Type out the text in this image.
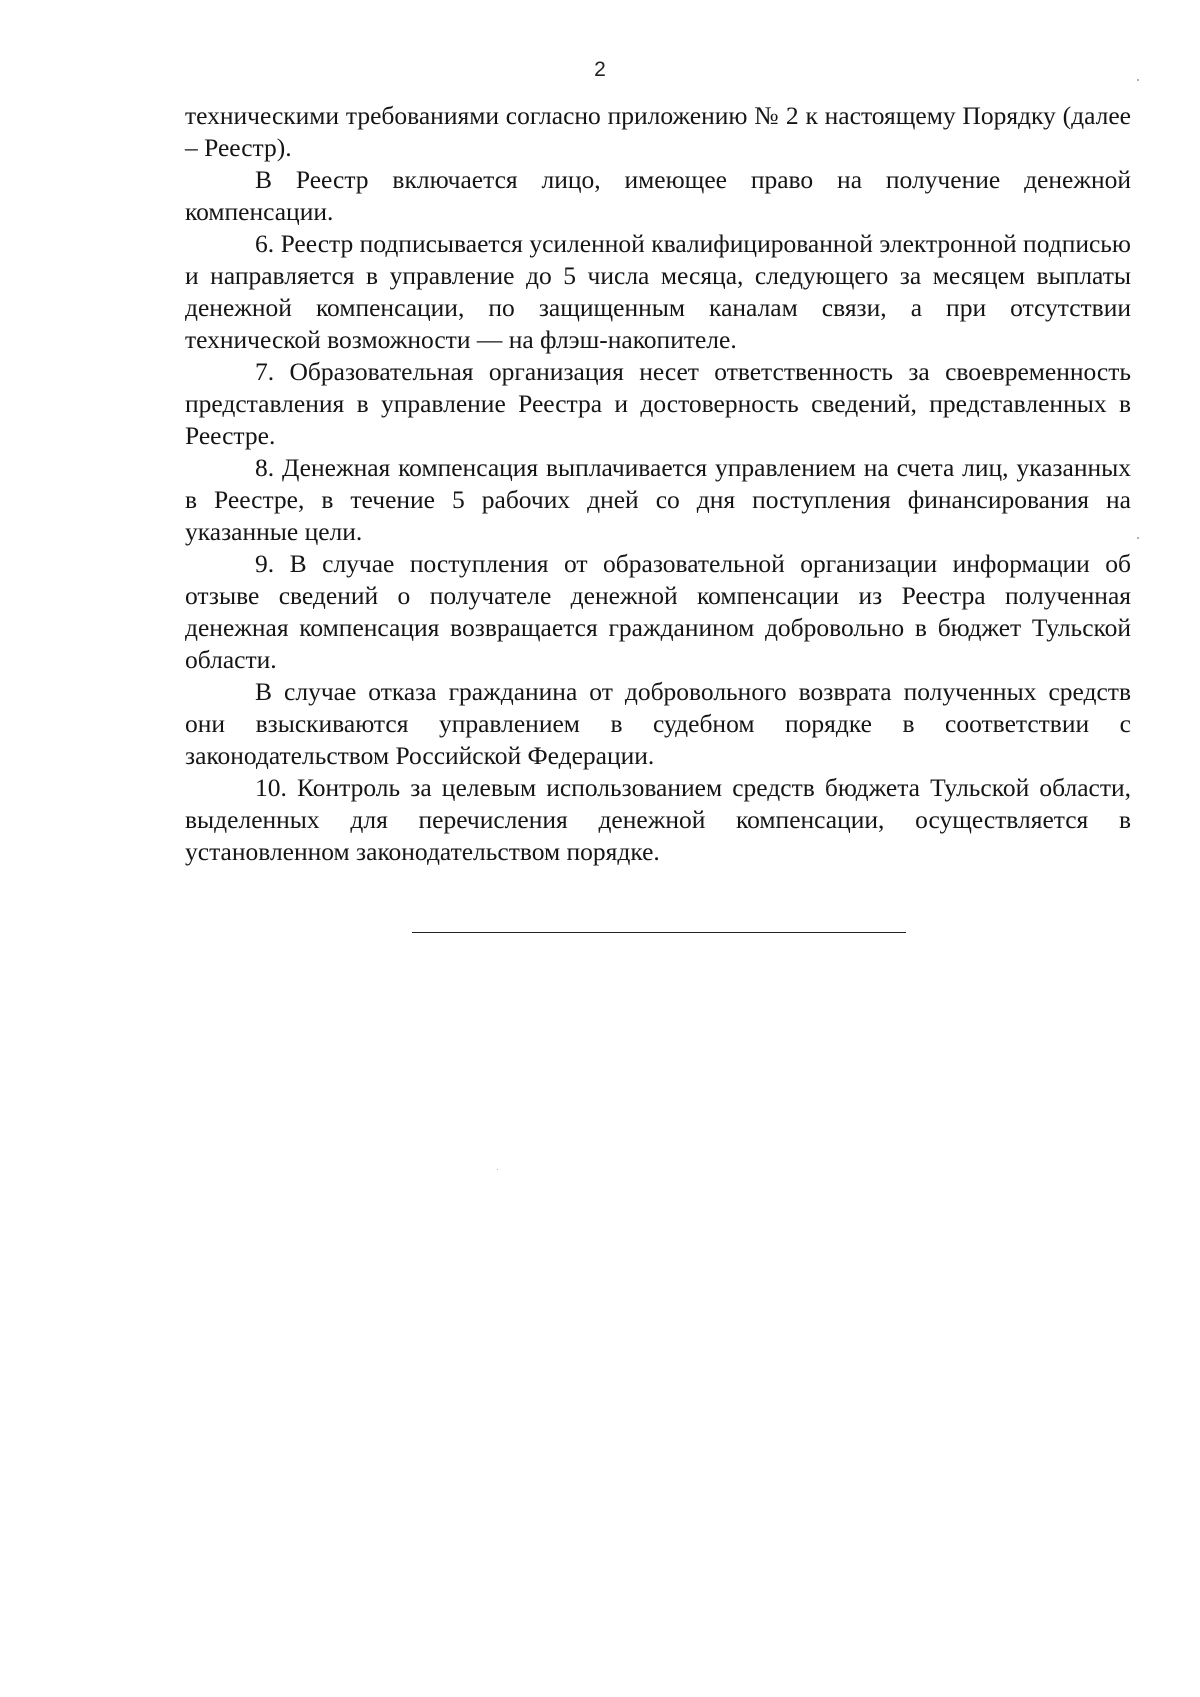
2

техническими требованиями согласно приложению № 2 к настоящему Порядку (далее – Реестр).

В Реестр включается лицо, имеющее право на получение денежной компенсации.

6. Реестр подписывается усиленной квалифицированной электронной подписью и направляется в управление до 5 числа месяца, следующего за месяцем выплаты денежной компенсации, по защищенным каналам связи, а при отсутствии технической возможности — на флэш-накопителе.

7. Образовательная организация несет ответственность за своевременность представления в управление Реестра и достоверность сведений, представленных в Реестре.

8. Денежная компенсация выплачивается управлением на счета лиц, указанных в Реестре, в течение 5 рабочих дней со дня поступления финансирования на указанные цели.

9. В случае поступления от образовательной организации информации об отзыве сведений о получателе денежной компенсации из Реестра полученная денежная компенсация возвращается гражданином добровольно в бюджет Тульской области.

В случае отказа гражданина от добровольного возврата полученных средств они взыскиваются управлением в судебном порядке в соответствии с законодательством Российской Федерации.

10. Контроль за целевым использованием средств бюджета Тульской области, выделенных для перечисления денежной компенсации, осуществляется в установленном законодательством порядке.
